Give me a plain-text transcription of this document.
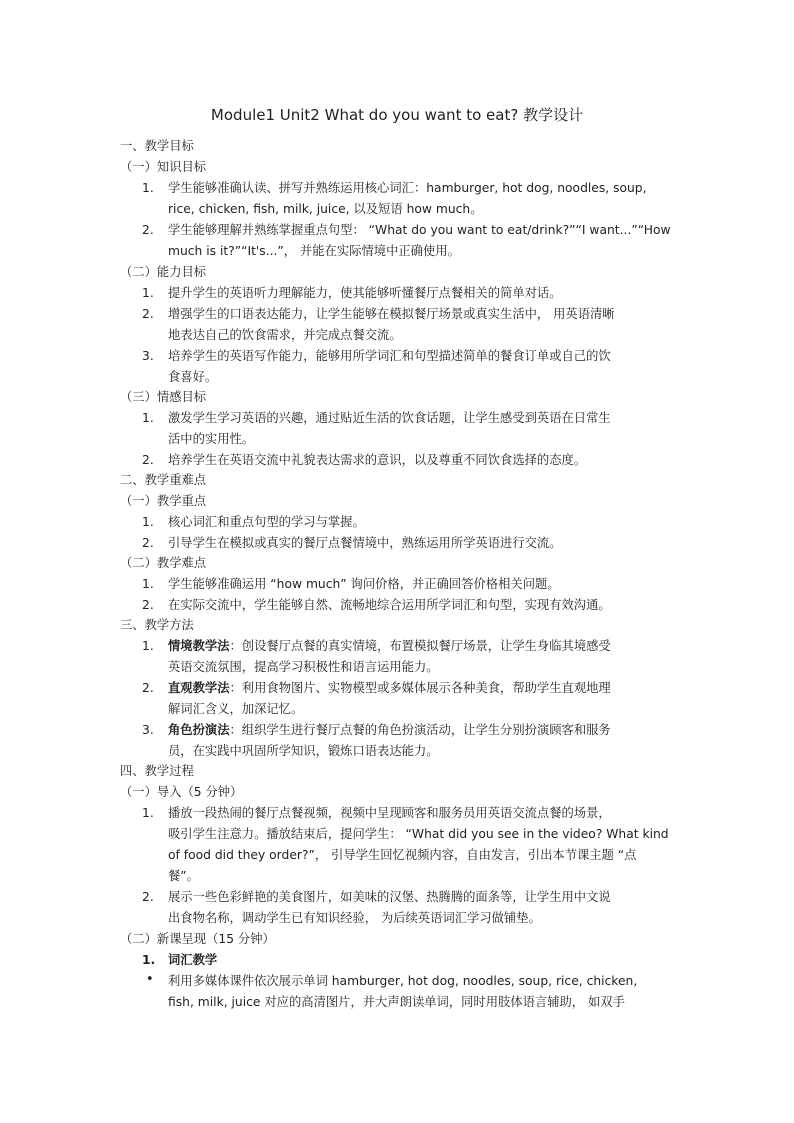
Module1 Unit2 What do you want to eat? 教学设计
一、教学目标
（一）知识目标
1. 学生能够准确认读、拼写并熟练运用核心词汇：hamburger, hot dog, noodles, soup,
rice, chicken, fish, milk, juice, 以及短语 how much。
2. 学生能够理解并熟练掌握重点句型： “What do you want to eat/drink?”“I want...”“How
much is it?”“It's...”， 并能在实际情境中正确使用。
（二）能力目标
1. 提升学生的英语听力理解能力，使其能够听懂餐厅点餐相关的简单对话。
2. 增强学生的口语表达能力，让学生能够在模拟餐厅场景或真实生活中， 用英语清晰
地表达自己的饮食需求，并完成点餐交流。
3. 培养学生的英语写作能力，能够用所学词汇和句型描述简单的餐食订单或自己的饮
食喜好。
（三）情感目标
1. 激发学生学习英语的兴趣，通过贴近生活的饮食话题，让学生感受到英语在日常生
活中的实用性。
2. 培养学生在英语交流中礼貌表达需求的意识，以及尊重不同饮食选择的态度。
二、教学重难点
（一）教学重点
1. 核心词汇和重点句型的学习与掌握。
2. 引导学生在模拟或真实的餐厅点餐情境中，熟练运用所学英语进行交流。
（二）教学难点
1. 学生能够准确运用 “how much” 询问价格，并正确回答价格相关问题。
2. 在实际交流中，学生能够自然、流畅地综合运用所学词汇和句型，实现有效沟通。
三、教学方法
1. 情境教学法：创设餐厅点餐的真实情境，布置模拟餐厅场景，让学生身临其境感受
英语交流氛围，提高学习积极性和语言运用能力。
2. 直观教学法：利用食物图片、实物模型或多媒体展示各种美食，帮助学生直观地理
解词汇含义，加深记忆。
3. 角色扮演法：组织学生进行餐厅点餐的角色扮演活动，让学生分别扮演顾客和服务
员，在实践中巩固所学知识，锻炼口语表达能力。
四、教学过程
（一）导入（5 分钟）
1. 播放一段热闹的餐厅点餐视频，视频中呈现顾客和服务员用英语交流点餐的场景，
吸引学生注意力。播放结束后，提问学生： “What did you see in the video? What kind
of food did they order?”， 引导学生回忆视频内容，自由发言，引出本节课主题 “点
餐”。
2. 展示一些色彩鲜艳的美食图片，如美味的汉堡、热腾腾的面条等，让学生用中文说
出食物名称，调动学生已有知识经验， 为后续英语词汇学习做铺垫。
（二）新课呈现（15 分钟）
1. 词汇教学
• 利用多媒体课件依次展示单词 hamburger, hot dog, noodles, soup, rice, chicken,
fish, milk, juice 对应的高清图片，并大声朗读单词，同时用肢体语言辅助， 如双手
